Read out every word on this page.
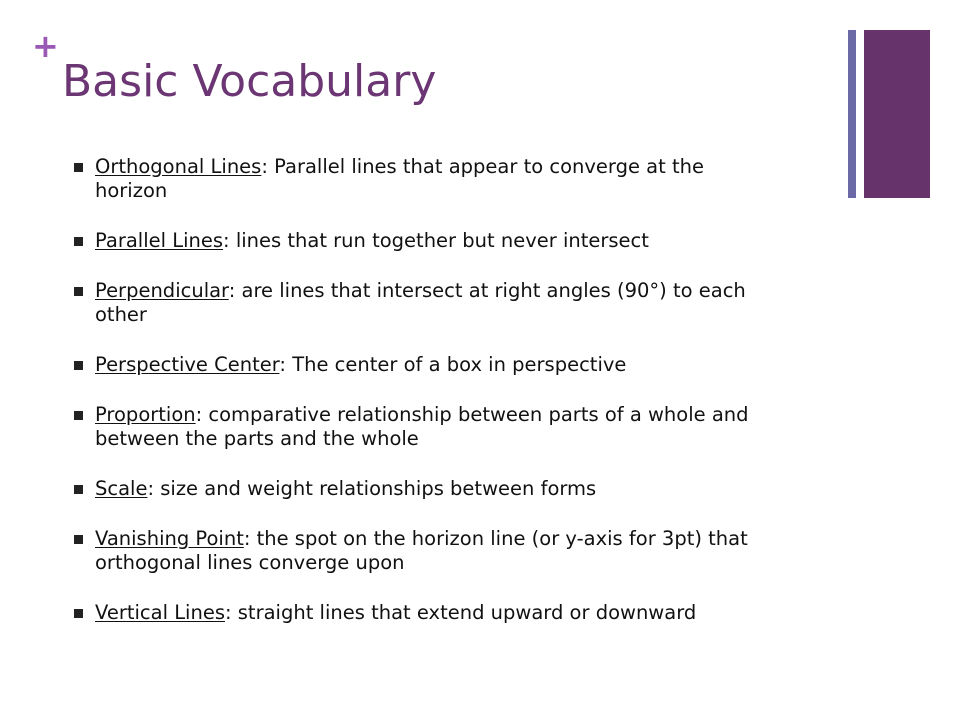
+
Basic Vocabulary
Orthogonal Lines: Parallel lines that appear to converge at the horizon
Parallel Lines: lines that run together but never intersect
Perpendicular: are lines that intersect at right angles (90°) to each other
Perspective Center: The center of a box in perspective
Proportion: comparative relationship between parts of a whole and between the parts and the whole
Scale: size and weight relationships between forms
Vanishing Point: the spot on the horizon line (or y-axis for 3pt) that orthogonal lines converge upon
Vertical Lines: straight lines that extend upward or downward
